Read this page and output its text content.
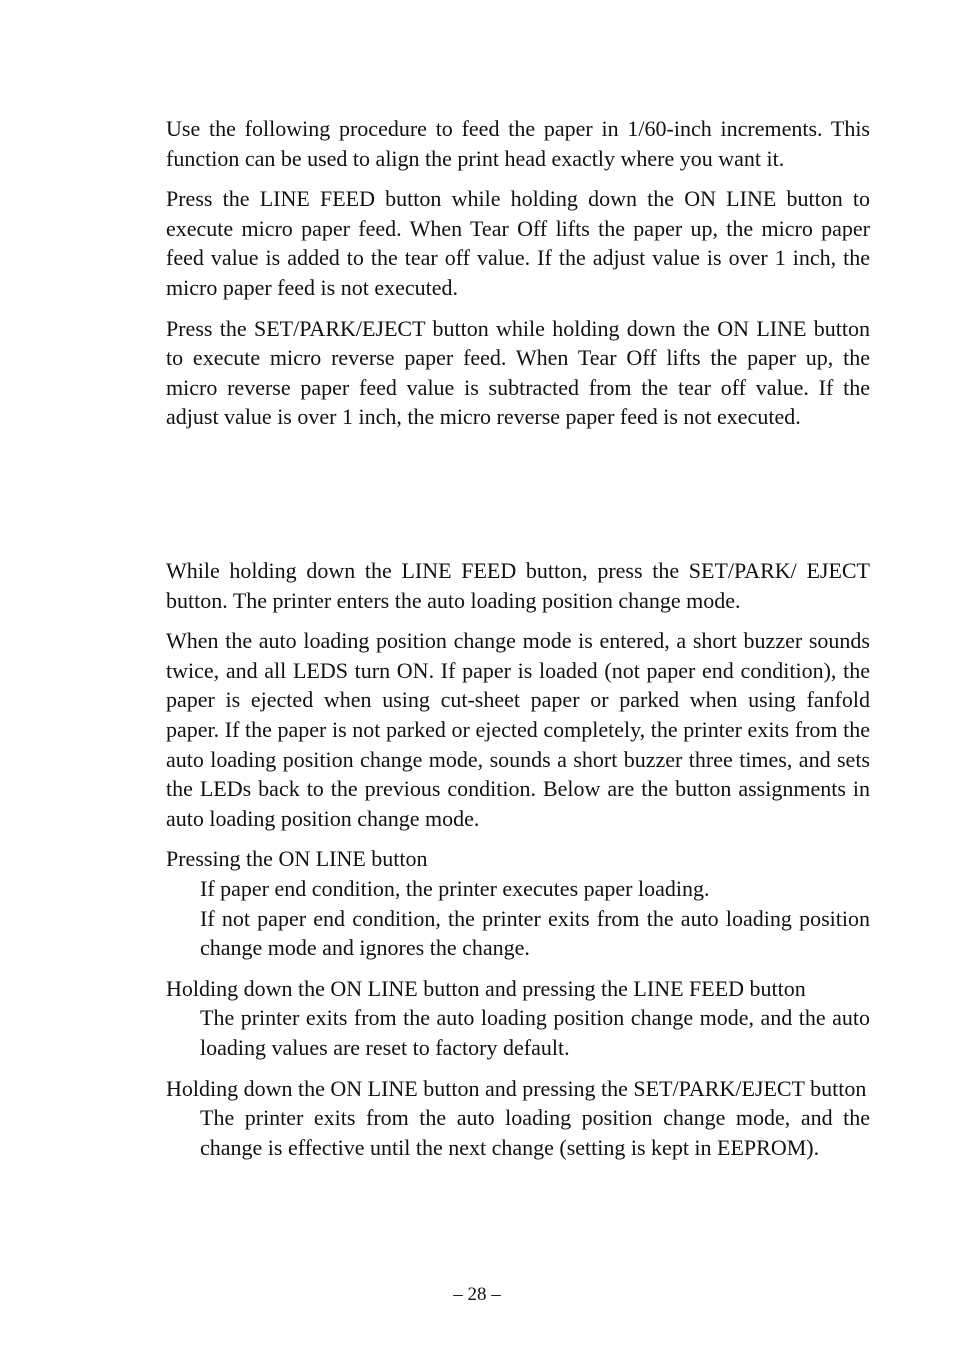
Use the following procedure to feed the paper in 1/60-inch increments. This function can be used to align the print head exactly where you want it.

Press the LINE FEED button while holding down the ON LINE button to execute micro paper feed. When Tear Off lifts the paper up, the micro paper feed value is added to the tear off value. If the adjust value is over 1 inch, the micro paper feed is not executed.

Press the SET/PARK/EJECT button while holding down the ON LINE button to execute micro reverse paper feed. When Tear Off lifts the paper up, the micro reverse paper feed value is subtracted from the tear off value. If the adjust value is over 1 inch, the micro reverse paper feed is not executed.

While holding down the LINE FEED button, press the SET/PARK/ EJECT button. The printer enters the auto loading position change mode.

When the auto loading position change mode is entered, a short buzzer sounds twice, and all LEDS turn ON. If paper is loaded (not paper end condition), the paper is ejected when using cut-sheet paper or parked when using fanfold paper. If the paper is not parked or ejected completely, the printer exits from the auto loading position change mode, sounds a short buzzer three times, and sets the LEDs back to the previous condition. Below are the button assignments in auto loading position change mode.

Pressing the ON LINE button

If paper end condition, the printer executes paper loading.

If not paper end condition, the printer exits from the auto loading position change mode and ignores the change.

Holding down the ON LINE button and pressing the LINE FEED button

The printer exits from the auto loading position change mode, and the auto loading values are reset to factory default.

Holding down the ON LINE button and pressing the SET/PARK/EJECT button

The printer exits from the auto loading position change mode, and the change is effective until the next change (setting is kept in EEPROM).

– 28 –
